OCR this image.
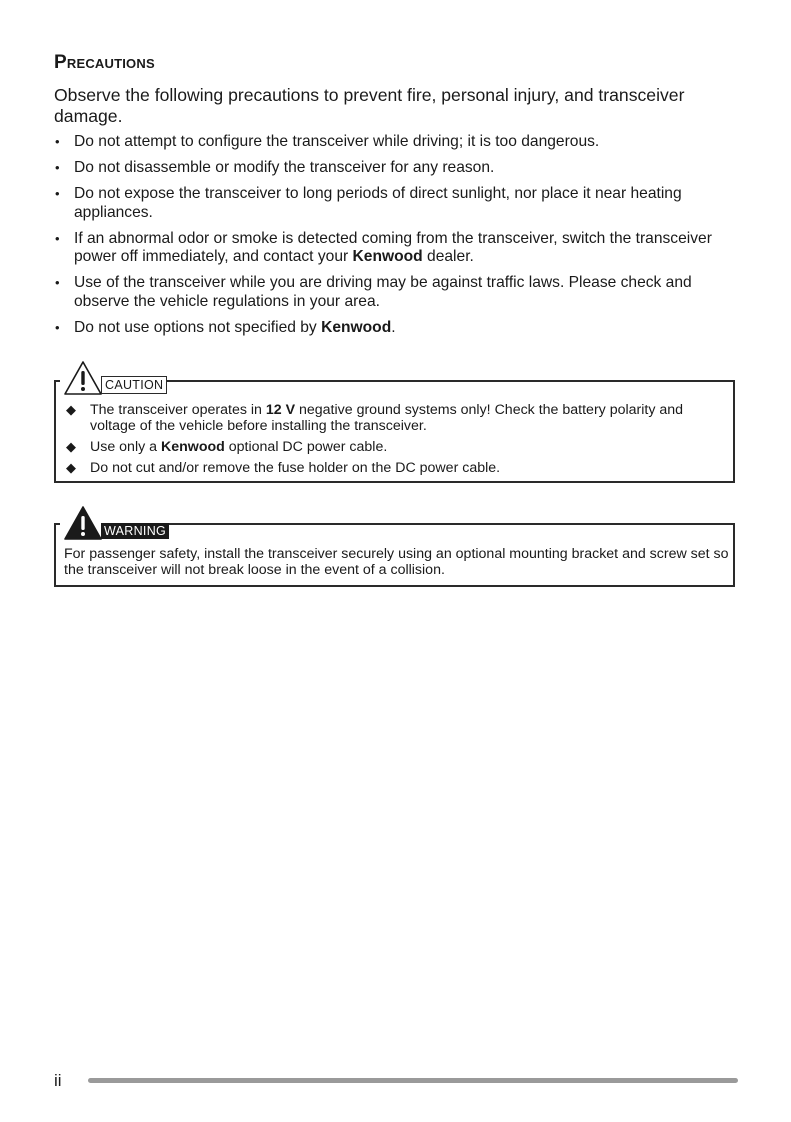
Precautions

Observe the following precautions to prevent fire, personal injury, and transceiver damage.

• Do not attempt to configure the transceiver while driving; it is too dangerous.
• Do not disassemble or modify the transceiver for any reason.
• Do not expose the transceiver to long periods of direct sunlight, nor place it near heating appliances.
• If an abnormal odor or smoke is detected coming from the transceiver, switch the transceiver power off immediately, and contact your Kenwood dealer.
• Use of the transceiver while you are driving may be against traffic laws. Please check and observe the vehicle regulations in your area.
• Do not use options not specified by Kenwood.
◆ The transceiver operates in 12 V negative ground systems only! Check the battery polarity and voltage of the vehicle before installing the transceiver.
◆ Use only a Kenwood optional DC power cable.
◆ Do not cut and/or remove the fuse holder on the DC power cable.
CAUTION

For passenger safety, install the transceiver securely using an optional mounting bracket and screw set so the transceiver will not break loose in the event of a collision.

WARNING
ii
